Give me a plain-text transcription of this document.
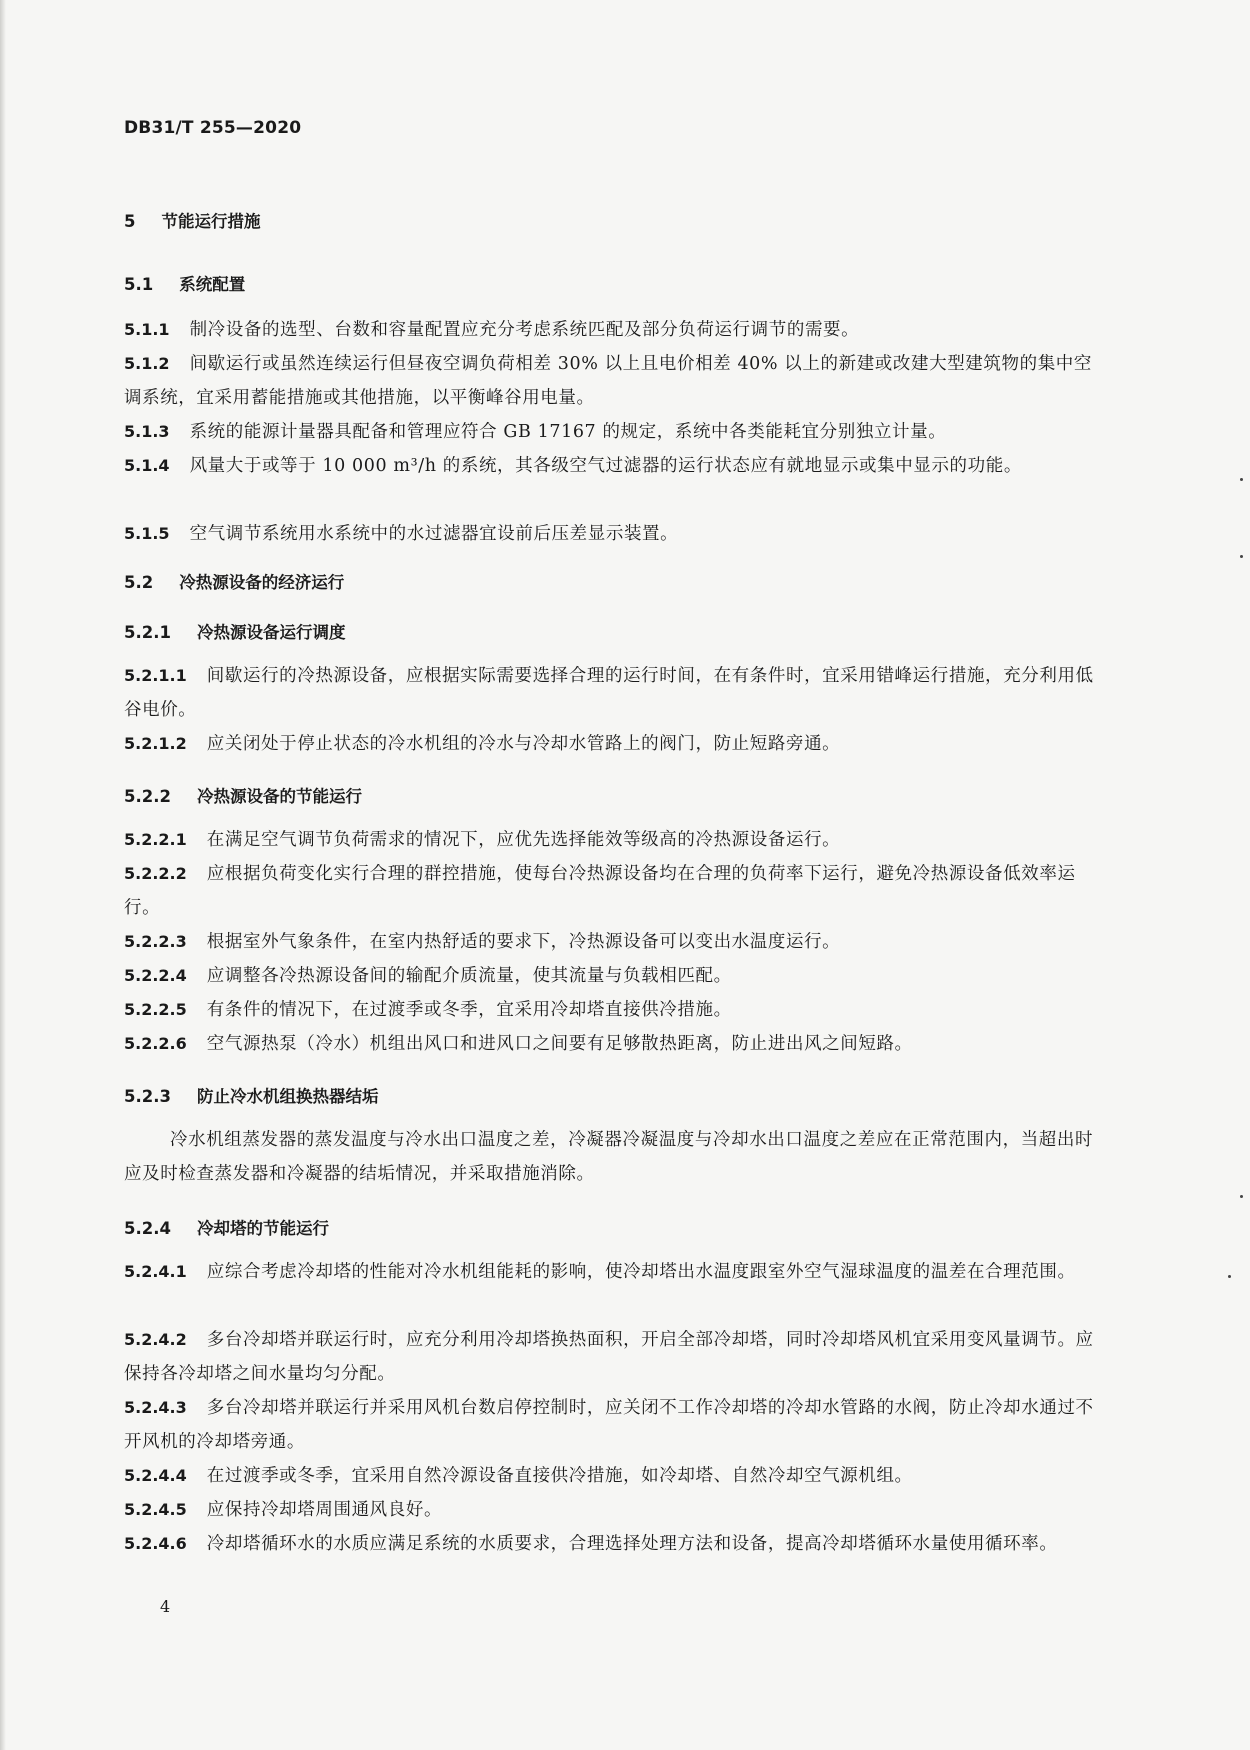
DB31/T 255—2020
5 节能运行措施
5.1 系统配置
5.1.1 制冷设备的选型、台数和容量配置应充分考虑系统匹配及部分负荷运行调节的需要。
5.1.2 间歇运行或虽然连续运行但昼夜空调负荷相差 30% 以上且电价相差 40% 以上的新建或改建大型建筑物的集中空调系统，宜采用蓄能措施或其他措施，以平衡峰谷用电量。
5.1.3 系统的能源计量器具配备和管理应符合 GB 17167 的规定，系统中各类能耗宜分别独立计量。
5.1.4 风量大于或等于 10 000 m³/h 的系统，其各级空气过滤器的运行状态应有就地显示或集中显示的功能。
5.1.5 空气调节系统用水系统中的水过滤器宜设前后压差显示装置。
5.2 冷热源设备的经济运行
5.2.1 冷热源设备运行调度
5.2.1.1 间歇运行的冷热源设备，应根据实际需要选择合理的运行时间，在有条件时，宜采用错峰运行措施，充分利用低谷电价。
5.2.1.2 应关闭处于停止状态的冷水机组的冷水与冷却水管路上的阀门，防止短路旁通。
5.2.2 冷热源设备的节能运行
5.2.2.1 在满足空气调节负荷需求的情况下，应优先选择能效等级高的冷热源设备运行。
5.2.2.2 应根据负荷变化实行合理的群控措施，使每台冷热源设备均在合理的负荷率下运行，避免冷热源设备低效率运行。
5.2.2.3 根据室外气象条件，在室内热舒适的要求下，冷热源设备可以变出水温度运行。
5.2.2.4 应调整各冷热源设备间的输配介质流量，使其流量与负载相匹配。
5.2.2.5 有条件的情况下，在过渡季或冬季，宜采用冷却塔直接供冷措施。
5.2.2.6 空气源热泵（冷水）机组出风口和进风口之间要有足够散热距离，防止进出风之间短路。
5.2.3 防止冷水机组换热器结垢
冷水机组蒸发器的蒸发温度与冷水出口温度之差，冷凝器冷凝温度与冷却水出口温度之差应在正常范围内，当超出时应及时检查蒸发器和冷凝器的结垢情况，并采取措施消除。
5.2.4 冷却塔的节能运行
5.2.4.1 应综合考虑冷却塔的性能对冷水机组能耗的影响，使冷却塔出水温度跟室外空气湿球温度的温差在合理范围。
5.2.4.2 多台冷却塔并联运行时，应充分利用冷却塔换热面积，开启全部冷却塔，同时冷却塔风机宜采用变风量调节。应保持各冷却塔之间水量均匀分配。
5.2.4.3 多台冷却塔并联运行并采用风机台数启停控制时，应关闭不工作冷却塔的冷却水管路的水阀，防止冷却水通过不开风机的冷却塔旁通。
5.2.4.4 在过渡季或冬季，宜采用自然冷源设备直接供冷措施，如冷却塔、自然冷却空气源机组。
5.2.4.5 应保持冷却塔周围通风良好。
5.2.4.6 冷却塔循环水的水质应满足系统的水质要求，合理选择处理方法和设备，提高冷却塔循环水量使用循环率。
4
